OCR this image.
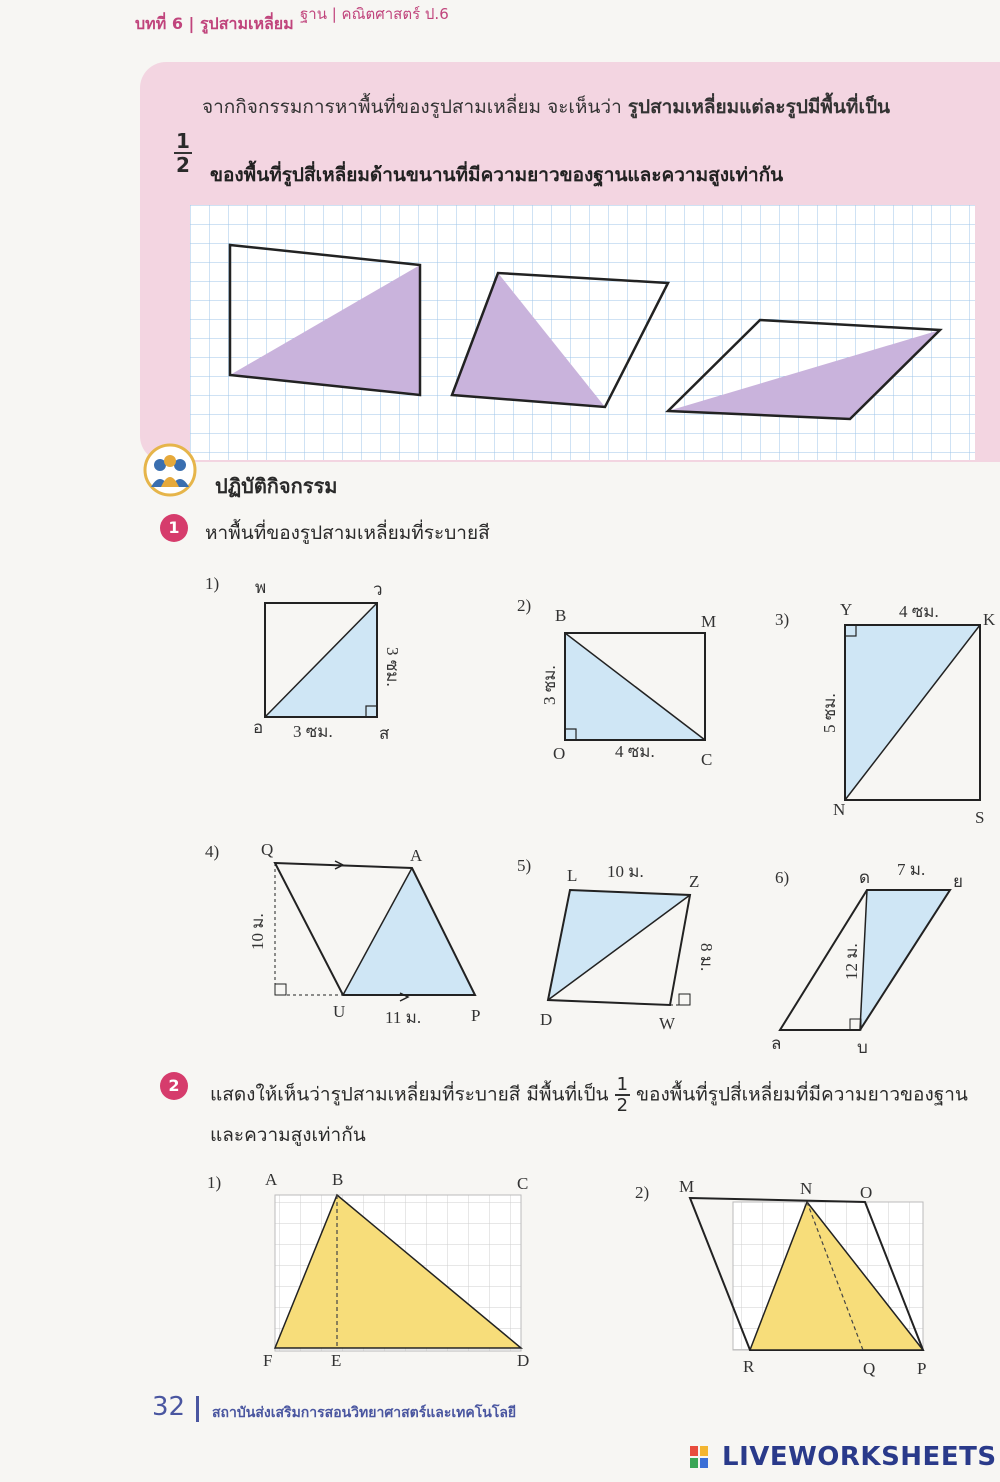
ฐาน | คณิตศาสตร์ ป.6
บทที่ 6 | รูปสามเหลี่ยม
จากกิจกรรมการหาพื้นที่ของรูปสามเหลี่ยม จะเห็นว่า รูปสามเหลี่ยมแต่ละรูปมีพื้นที่เป็น
$\frac{1}{2}$ ของพื้นที่รูปสี่เหลี่ยมด้านขนานที่มีความยาวของฐานและความสูงเท่ากัน
ปฏิบัติกิจกรรม
1	หาพื้นที่ของรูปสามเหลี่ยมที่ระบายสี
1) พ	ว
อ	ส
3 ซม.
3 ซม.
2)
B	M
O	C
4 ซม.
3 ซม.
3)
Y
K
N	S
4 ซม.
5 ซม.
4) Q	A
U	P
11 ม.
10 ม.
5)
L	Z
D	W
10 ม.
8 ม.
6)	ด	ย
ล	บ
7 ม.
12 ม.
2	แสดงให้เห็นว่ารูปสามเหลี่ยมที่ระบายสี มีพื้นที่เป็น $\frac{1}{2}$ ของพื้นที่รูปสี่เหลี่ยมที่มีความยาวของฐาน
และความสูงเท่ากัน
1)	A	B	C
F	E	D
2) M	N	O
R	Q P
32 สถาบันส่งเสริมการสอนวิทยาศาสตร์และเทคโนโลยี
LIVEWORKSHEETS
